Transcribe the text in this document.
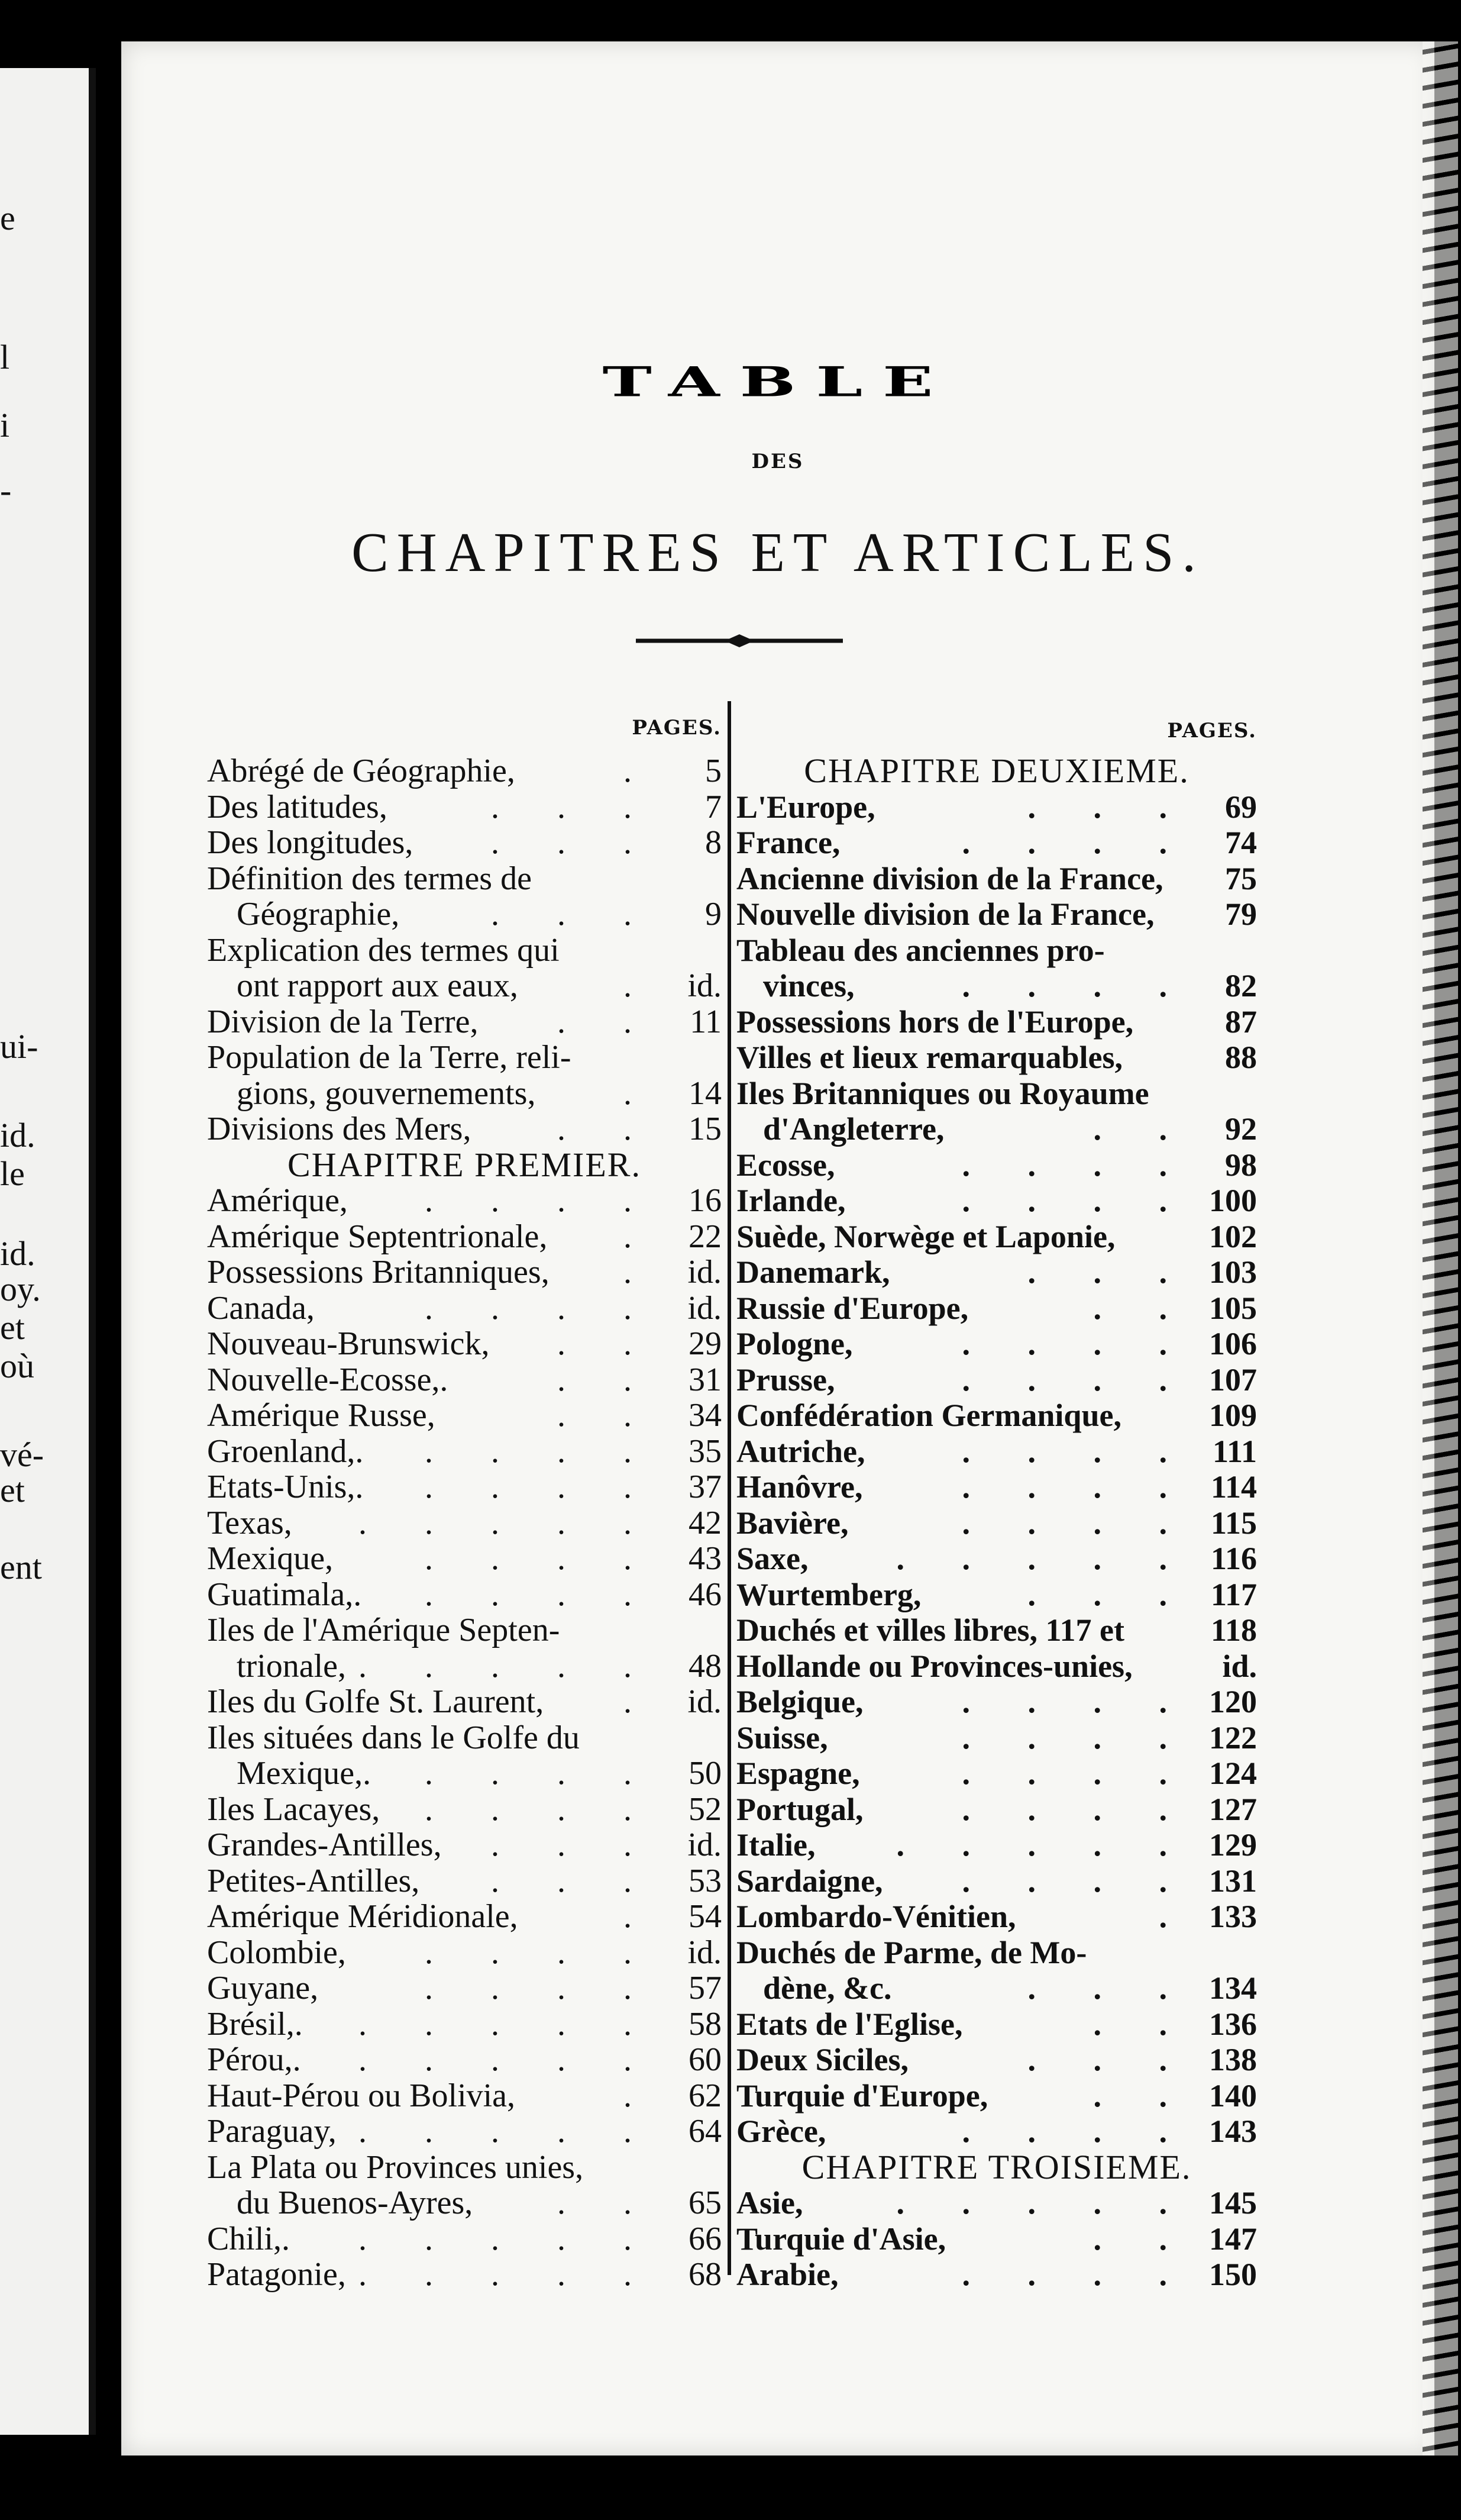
e
l
i
-
ui-
id.
le
id.
oy.
et
où
vé-
et
ent
TABLE
DES
CHAPITRES ET ARTICLES.
PAGES.
Abrégé de Géographie,	. 5
Des latitudes,	. . . 7
Des longitudes, . . . 8
Définition des termes de
Géographie,	. . . 9
Explication des termes qui
ont rapport aux eaux,	. id.
Division de la Terre, . . 11
Population de la Terre, reli-
gions, gouvernements,	. 14
Divisions des Mers,	. . 15
CHAPITRE PREMIER.
Amérique, . . . . 16
Amérique Septentrionale, . 22
Possessions Britanniques, . id.
Canada,	. . . . id.
Nouveau-Brunswick, . . 29
Nouvelle-Ecosse,.	. . 31
Amérique Russe,	. . 34
Groenland,. . . . . 35
Etats-Unis,. . . . . 37
Texas, . . . . . 42
Mexique,	. . . . 43
Guatimala,. . . . . 46
Iles de l'Amérique Septen-
trionale, . . . . . 48
Iles du Golfe St. Laurent, . id.
Iles situées dans le Golfe du
Mexique,. . . . . 50
Iles Lacayes, . . . . 52
Grandes-Antilles, . . . id.
Petites-Antilles, . . . 53
Amérique Méridionale,	. 54
Colombie, . . . . id.
Guyane,	. . . . 57
Brésil,. . . . . . 58
Pérou,. . . . . . 60
Haut-Pérou ou Bolivia,	. 62
Paraguay, . . . . . 64
La Plata ou Provinces unies,
du Buenos-Ayres,	. . 65
Chili,. . . . . . 66
Patagonie, . . . . . 68
PAGES.
CHAPITRE DEUXIEME.
L'Europe,	. . . 69
France,	. . . . 74
Ancienne division de la France, 75
Nouvelle division de la France, 79
Tableau des anciennes pro-
vinces,	. . . . 82
Possessions hors de l'Europe,	87
Villes et lieux remarquables,	88
Iles Britanniques ou Royaume
d'Angleterre,	. . 92
Ecosse,	. . . . 98
Irlande,	. . . . 100
Suède, Norwège et Laponie,	102
Danemark,	. . . 103
Russie d'Europe,	. . 105
Pologne,	. . . . 106
Prusse,	. . . . 107
Confédération Germanique,	109
Autriche,	. . . . 111
Hanôvre,	. . . . 114
Bavière,	. . . . 115
Saxe,	. . . . . 116
Wurtemberg,	. . . 117
Duchés et villes libres, 117 et	118
Hollande ou Provinces-unies,	id.
Belgique,	. . . . 120
Suisse,	. . . . 122
Espagne,	. . . . 124
Portugal,	. . . . 127
Italie,	. . . . . 129
Sardaigne, . . . . 131
Lombardo-Vénitien,	. 133
Duchés de Parme, de Mo-
dène, &c.	. . . 134
Etats de l'Eglise,	. . 136
Deux Siciles,	. . . 138
Turquie d'Europe,	. . 140
Grèce,	. . . . 143
CHAPITRE TROISIEME.
Asie,	. . . . . 145
Turquie d'Asie,	. . 147
Arabie,	. . . . 150
